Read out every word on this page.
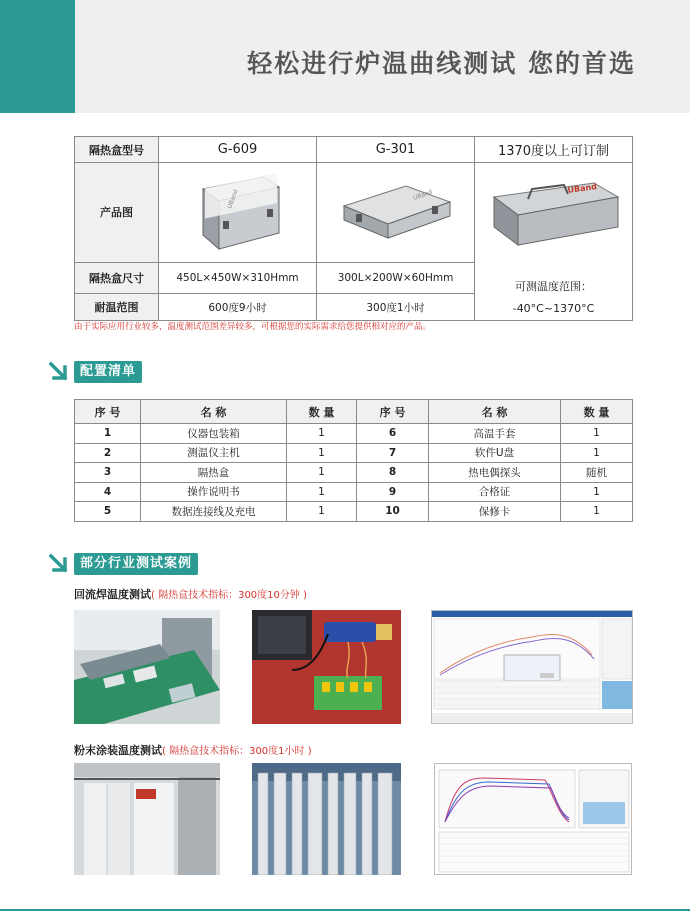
轻松进行炉温曲线测试 您的首选
隔热盒型号	G-609	G-301	1370度以上可订制
产品图	UBand	UBand	UBand
可测温度范围：
-40°C~1370°C

隔热盒尺寸	450L×450W×310Hmm	300L×200W×60Hmm	
耐温范围	600度9小时	300度1小时	
由于实际应用行业较多，温度测试范围差异较多，可根据您的实际需求给您提供相对应的产品。
配置清单
序 号	名 称	数 量	序 号	名 称	数 量
1	仪器包装箱	1	6	高温手套	1
2	测温仪主机	1	7	软件U盘	1
3	隔热盒	1	8	热电偶探头	随机
4	操作说明书	1	9	合格证	1
5	数据连接线及充电	1	10	保修卡	1
部分行业测试案例
回流焊温度测试( 隔热盒技术指标：300度10分钟 )
粉末涂装温度测试( 隔热盒技术指标：300度1小时 )
